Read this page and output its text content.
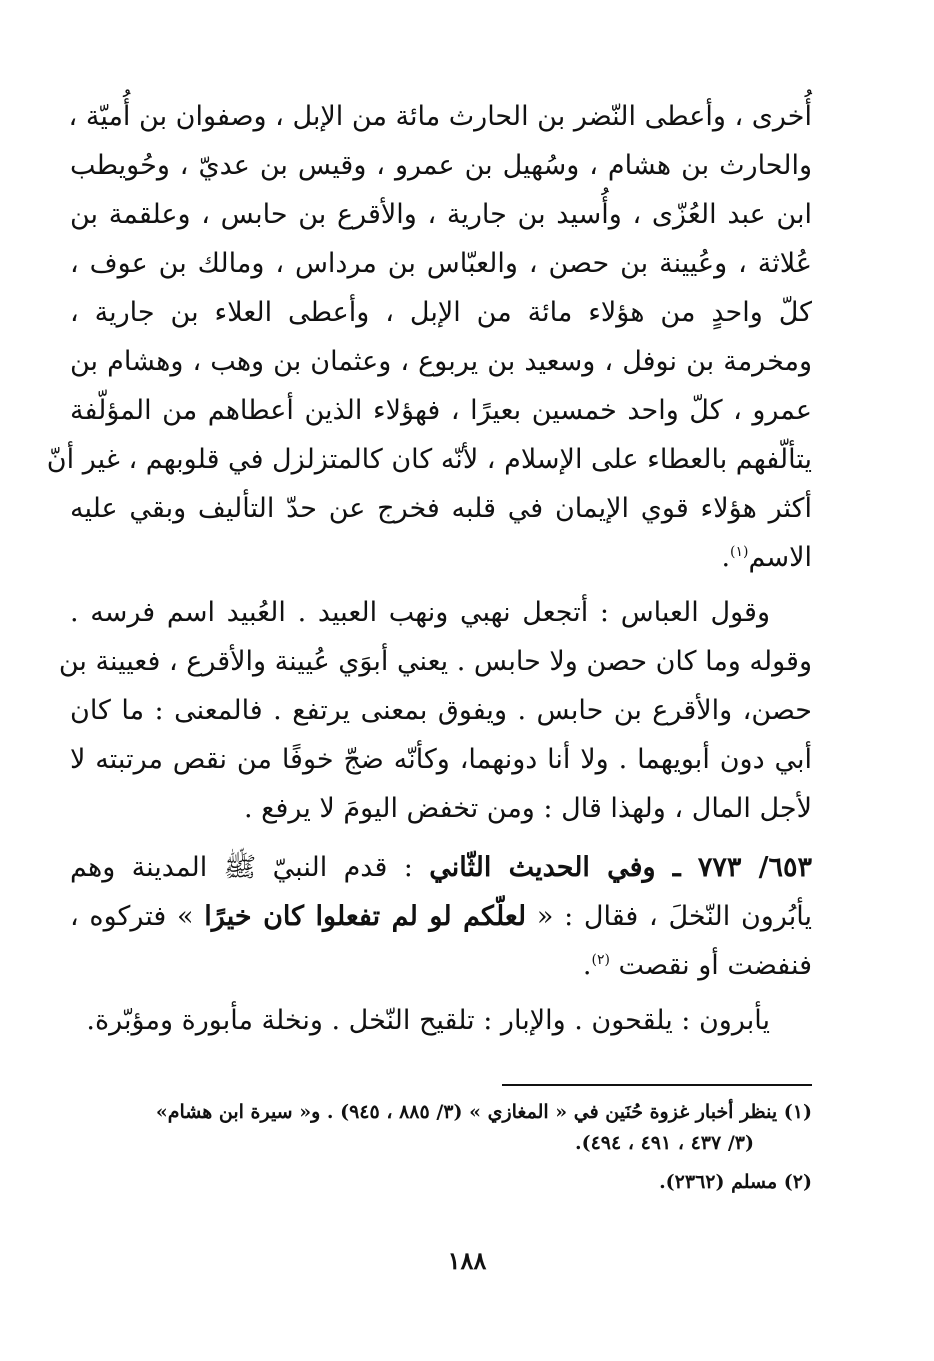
أُخرى ، وأعطى النّضر بن الحارث مائة من الإبل ، وصفوان بن أُميّة ،
والحارث بن هشام ، وسُهيل بن عمرو ، وقيس بن عديّ ، وحُويطب
ابن عبد العُزّى ، وأُسيد بن جارية ، والأقرع بن حابس ، وعلقمة بن
عُلاثة ، وعُيينة بن حصن ، والعبّاس بن مرداس ، ومالك بن عوف ،
كلّ واحدٍ من هؤلاء مائة من الإبل ، وأعطى العلاء بن جارية ،
ومخرمة بن نوفل ، وسعيد بن يربوع ، وعثمان بن وهب ، وهشام بن
عمرو ، كلّ واحد خمسين بعيرًا ، فهؤلاء الذين أعطاهم من المؤلّفة
يتألّفهم بالعطاء على الإسلام ، لأنّه كان كالمتزلزل في قلوبهم ، غير أنّ
أكثر هؤلاء قوي الإيمان في قلبه فخرج عن حدّ التأليف وبقي عليه
الاسم$^{(١)}$.

وقول العباس : أتجعل نهبي ونهب العبيد . العُبيد اسم فرسه .
وقوله وما كان حصن ولا حابس . يعني أبوَي عُيينة والأقرع ، فعيينة بن
حصن، والأقرع بن حابس . ويفوق بمعنى يرتفع . فالمعنى : ما كان
أبي دون أبويهما . ولا أنا دونهما، وكأنّه ضجّ خوفًا من نقص مرتبته لا
لأجل المال ، ولهذا قال : ومن تخفض اليومَ لا يرفع .

٦٥٣/ ٧٧٣ ـ وفي الحديث الثّاني : قدم النبيّ ﷺ المدينة وهم
يأبُرون النّخلَ ، فقال : « لعلّكم لو لم تفعلوا كان خيرًا » فتركوه ،
فنفضت أو نقصت $^{(٢)}$.

يأبرون : يلقحون . والإبار : تلقيح النّخل . ونخلة مأبورة ومؤبّرة.

(١) ينظر أخبار غزوة حُنَين في « المغازي » (٣/ ٨٨٥ ، ٩٤٥) . و« سيرة ابن هشام»
(٣/ ٤٣٧ ، ٤٩١ ، ٤٩٤).

(٢) مسلم (٢٣٦٢).

١٨٨
